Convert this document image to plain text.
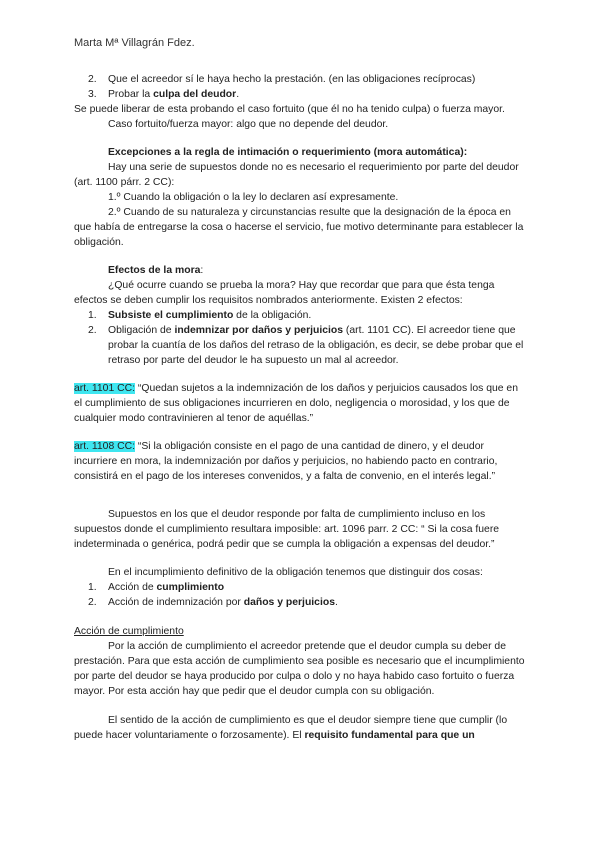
Marta Mª Villagrán Fdez.
2.	Que el acreedor sí le haya hecho la prestación. (en las obligaciones recíprocas)
3.	Probar la culpa del deudor.

Se puede liberar de esta probando el caso fortuito (que él no ha tenido culpa) o fuerza mayor.

Caso fortuito/fuerza mayor: algo que no depende del deudor.

Excepciones a la regla de intimación o requerimiento (mora automática):

Hay una serie de supuestos donde no es necesario el requerimiento por parte del deudor (art. 1100 párr. 2 CC):

1.º Cuando la obligación o la ley lo declaren así expresamente.

2.º Cuando de su naturaleza y circunstancias resulte que la designación de la época en que había de entregarse la cosa o hacerse el servicio, fue motivo determinante para establecer la obligación.

Efectos de la mora:

¿Qué ocurre cuando se prueba la mora? Hay que recordar que para que ésta tenga efectos se deben cumplir los requisitos nombrados anteriormente. Existen 2 efectos:

1.	Subsiste el cumplimiento de la obligación.
2.	Obligación de indemnizar por daños y perjuicios (art. 1101 CC). El acreedor tiene que probar la cuantía de los daños del retraso de la obligación, es decir, se debe probar que el retraso por parte del deudor le ha supuesto un mal al acreedor.

art. 1101 CC: “Quedan sujetos a la indemnización de los daños y perjuicios causados los que en el cumplimiento de sus obligaciones incurrieren en dolo, negligencia o morosidad, y los que de cualquier modo contravinieren al tenor de aquéllas.”

art. 1108 CC: “Si la obligación consiste en el pago de una cantidad de dinero, y el deudor incurriere en mora, la indemnización por daños y perjuicios, no habiendo pacto en contrario, consistirá en el pago de los intereses convenidos, y a falta de convenio, en el interés legal.”

Supuestos en los que el deudor responde por falta de cumplimiento incluso en los supuestos donde el cumplimiento resultara imposible: art. 1096 parr. 2 CC: “ Si la cosa fuere indeterminada o genérica, podrá pedir que se cumpla la obligación a expensas del deudor.”

En el incumplimiento definitivo de la obligación tenemos que distinguir dos cosas:

1.	Acción de cumplimiento
2.	Acción de indemnización por daños y perjuicios.

Acción de cumplimiento

Por la acción de cumplimiento el acreedor pretende que el deudor cumpla su deber de prestación. Para que esta acción de cumplimiento sea posible es necesario que el incumplimiento por parte del deudor se haya producido por culpa o dolo y no haya habido caso fortuito o fuerza mayor. Por esta acción hay que pedir que el deudor cumpla con su obligación.

El sentido de la acción de cumplimiento es que el deudor siempre tiene que cumplir (lo puede hacer voluntariamente o forzosamente). El requisito fundamental para que un
